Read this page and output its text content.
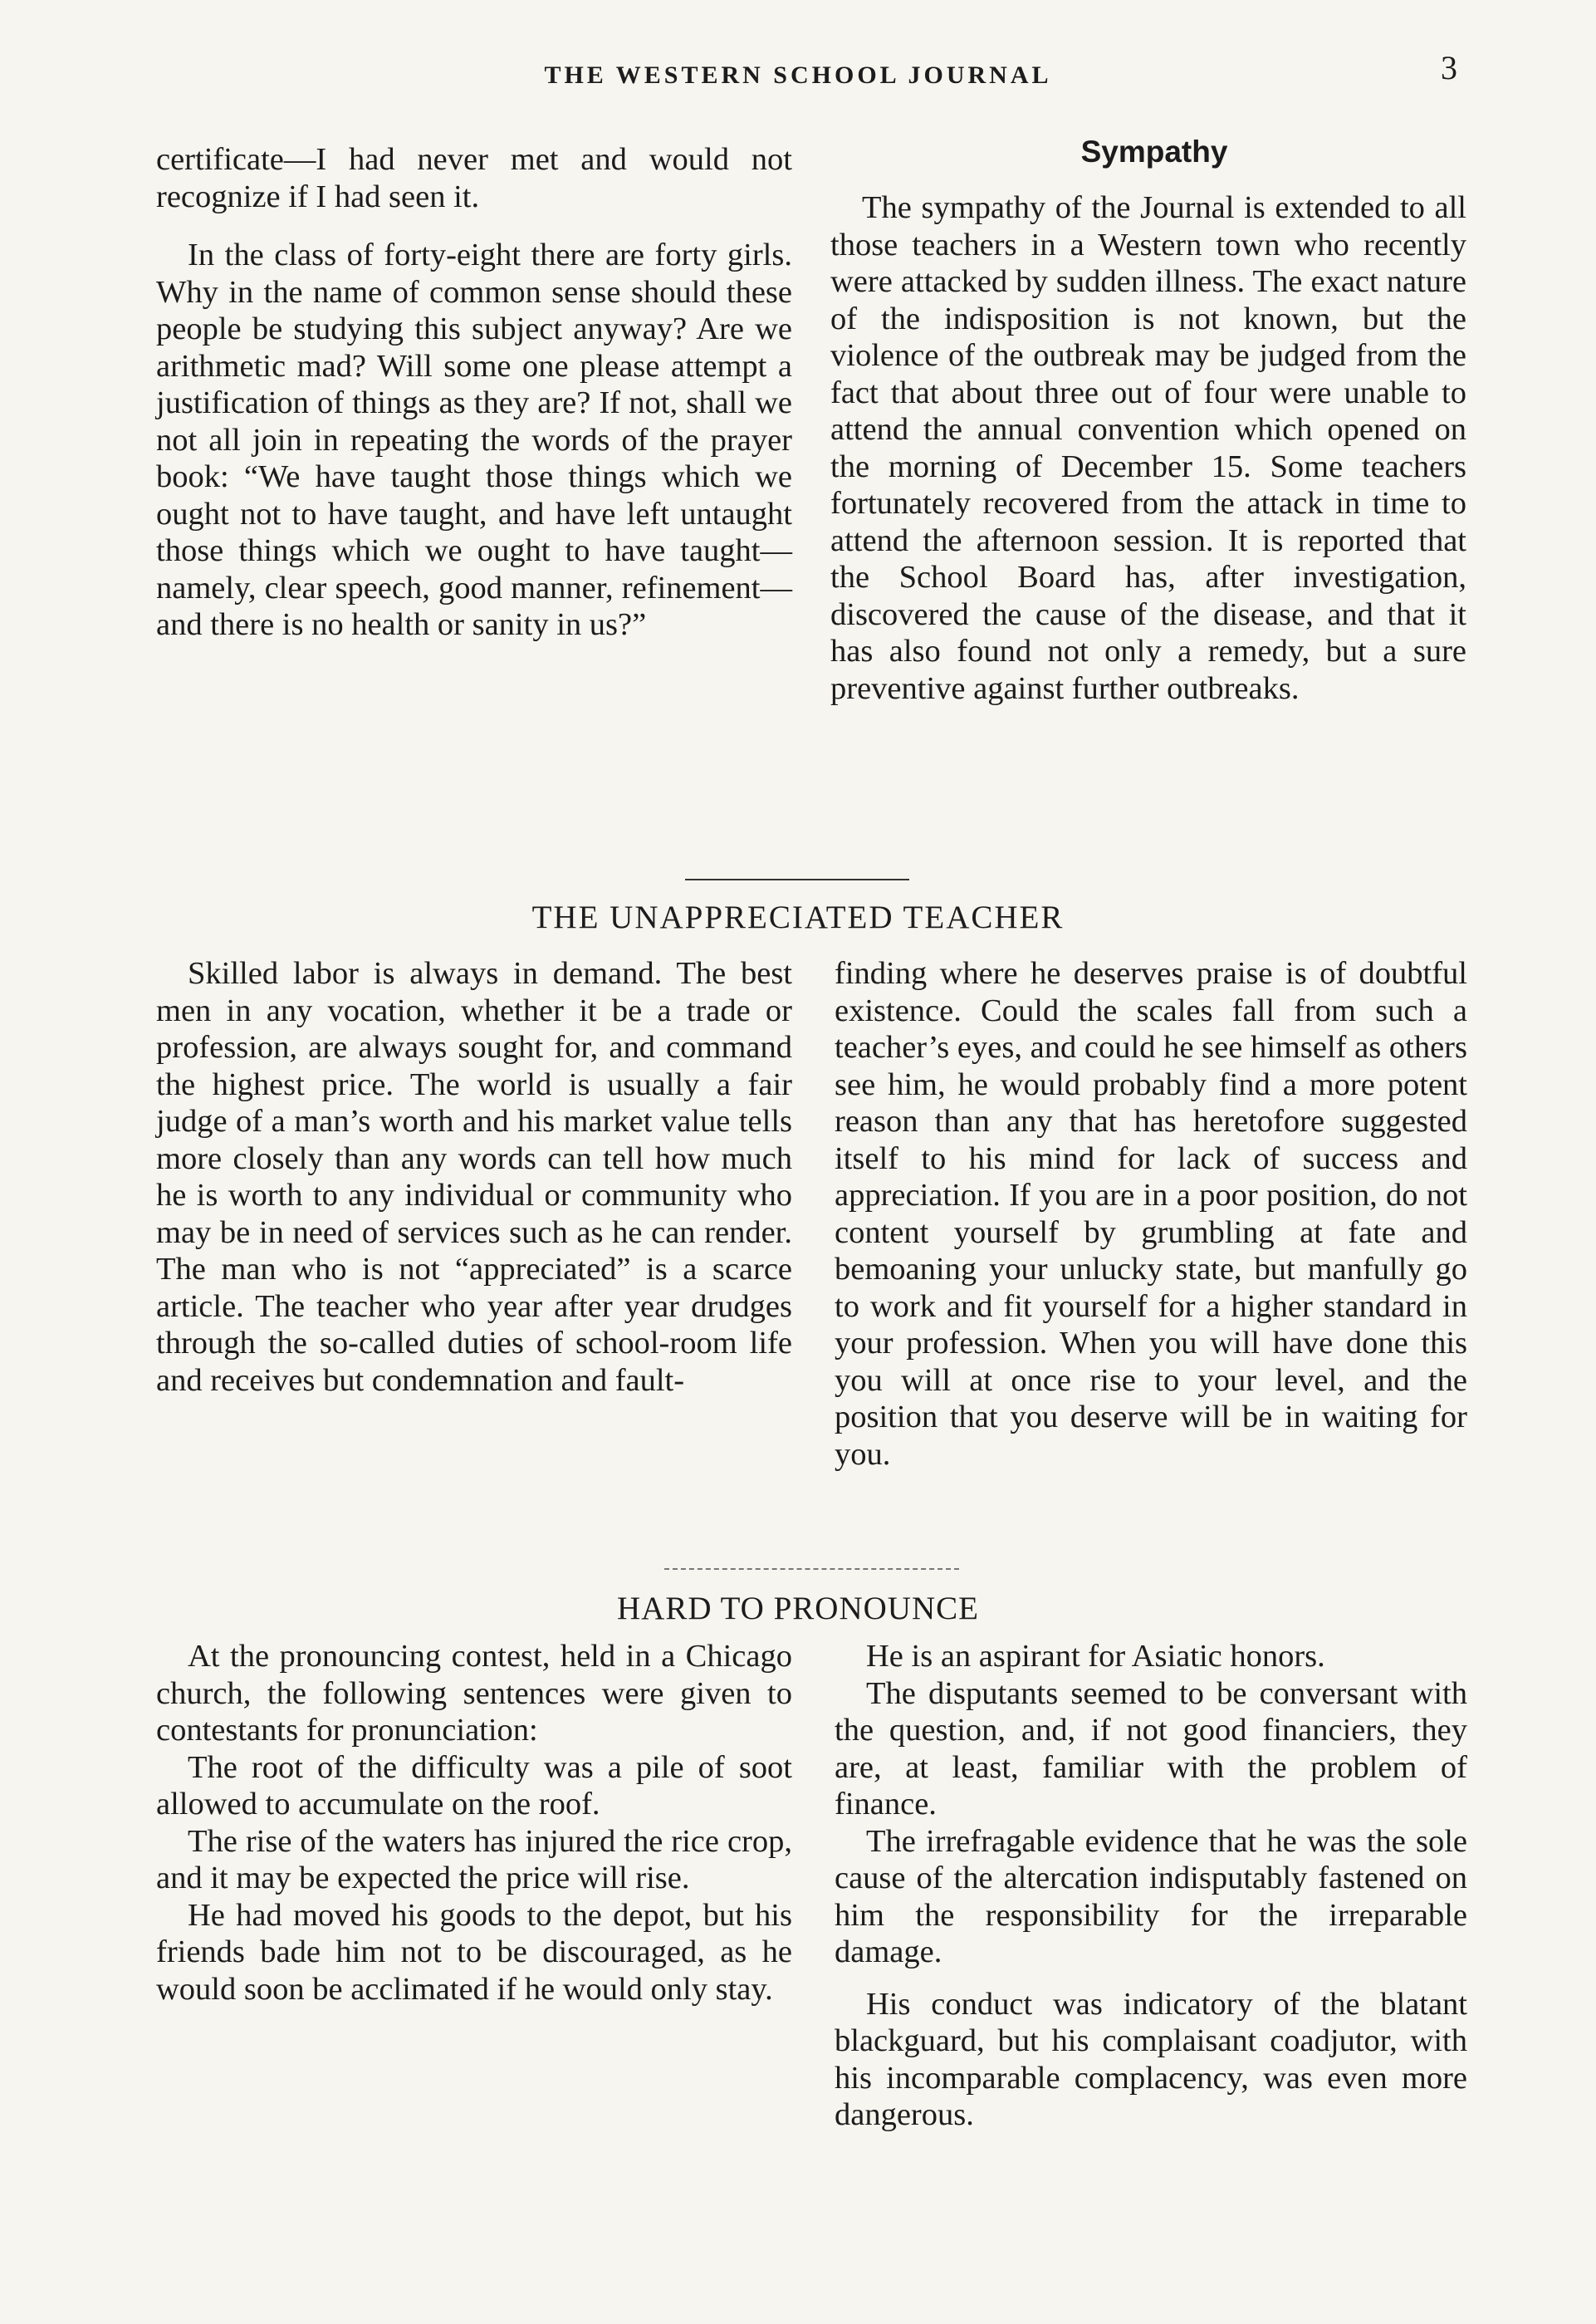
THE WESTERN SCHOOL JOURNAL	3

certificate—I had never met and would not recognize if I had seen it.

In the class of forty-eight there are forty girls. Why in the name of common sense should these people be studying this subject anyway? Are we arithmetic mad? Will some one please attempt a justification of things as they are? If not, shall we not all join in repeating the words of the prayer book: “We have taught those things which we ought not to have taught, and have left untaught those things which we ought to have taught—namely, clear speech, good manner, refinement—and there is no health or sanity in us?”

Sympathy

The sympathy of the Journal is extended to all those teachers in a Western town who recently were attacked by sudden illness. The exact nature of the indisposition is not known, but the violence of the outbreak may be judged from the fact that about three out of four were unable to attend the annual convention which opened on the morning of December 15. Some teachers fortunately recovered from the attack in time to attend the afternoon session. It is reported that the School Board has, after investigation, discovered the cause of the disease, and that it has also found not only a remedy, but a sure preventive against further outbreaks.

THE UNAPPRECIATED TEACHER

Skilled labor is always in demand. The best men in any vocation, whether it be a trade or profession, are always sought for, and command the highest price. The world is usually a fair judge of a man’s worth and his market value tells more closely than any words can tell how much he is worth to any individual or community who may be in need of services such as he can render. The man who is not “appreciated” is a scarce article. The teacher who year after year drudges through the so-called duties of school-room life and receives but condemnation and fault-

finding where he deserves praise is of doubtful existence. Could the scales fall from such a teacher’s eyes, and could he see himself as others see him, he would probably find a more potent reason than any that has heretofore suggested itself to his mind for lack of success and appreciation. If you are in a poor position, do not content yourself by grumbling at fate and bemoaning your unlucky state, but manfully go to work and fit yourself for a higher standard in your profession. When you will have done this you will at once rise to your level, and the position that you deserve will be in waiting for you.

HARD TO PRONOUNCE

At the pronouncing contest, held in a Chicago church, the following sentences were given to contestants for pronunciation:

The root of the difficulty was a pile of soot allowed to accumulate on the roof.

The rise of the waters has injured the rice crop, and it may be expected the price will rise.

He had moved his goods to the depot, but his friends bade him not to be discouraged, as he would soon be acclimated if he would only stay.

He is an aspirant for Asiatic honors.

The disputants seemed to be conversant with the question, and, if not good financiers, they are, at least, familiar with the problem of finance.

The irrefragable evidence that he was the sole cause of the altercation indisputably fastened on him the responsibility for the irreparable damage.

His conduct was indicatory of the blatant blackguard, but his complaisant coadjutor, with his incomparable complacency, was even more dangerous.
